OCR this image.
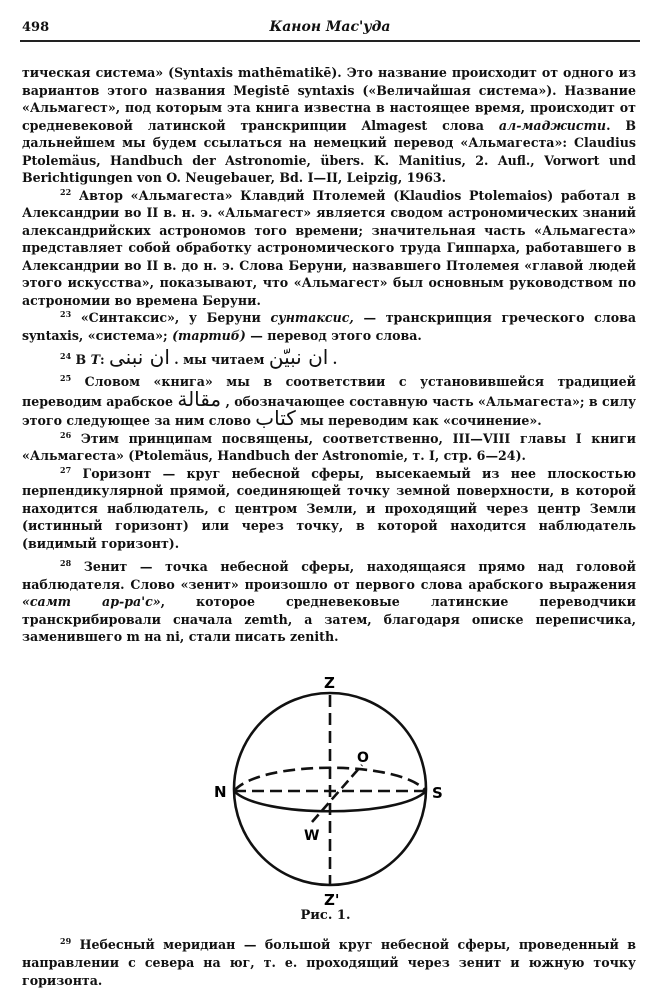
498	Канон Мас'уда

тическая система» (Syntaxis mathēmatikē). Это название происходит от одного из вариантов этого названия Megistē syntaxis («Величайшая система»). Название «Альмагест», под которым эта книга известна в настоящее время, происходит от средневековой латинской транскрипции Almagest слова ал-маджисти. В дальнейшем мы будем ссылаться на немецкий перевод «Альмагеста»: Claudius Ptolemäus, Handbuch der Astronomie, übers. K. Manitius, 2. Aufl., Vorwort und Berichtigungen von O. Neugebauer, Bd. I—II, Leipzig, 1963.

$^{22}$ Автор «Альмагеста» Клавдий Птолемей (Klaudios Ptolemaios) работал в Александрии во II в. н. э. «Альмагест» является сводом астрономических знаний александрийских астрономов того времени; значительная часть «Альмагеста» представляет собой обработку астрономического труда Гиппарха, работавшего в Александрии во II в. до н. э. Слова Беруни, назвавшего Птолемея «главой людей этого искусства», показывают, что «Альмагест» был основным руководством по астрономии во времена Беруни.

$^{23}$ «Синтаксис», у Беруни сунтаксис, — транскрипция греческого слова syntaxis, «система»; (тартиб) — перевод этого слова.

$^{24}$ В T: ان نبنى . мы читаем ان نبيّن .

$^{25}$ Словом «книга» мы в соответствии с установившейся традицией переводим арабское مقالة , обозначающее составную часть «Альмагеста»; в силу этого следующее за ним слово كتاب мы переводим как «сочинение».

$^{26}$ Этим принципам посвящены, соответственно, III—VIII главы I книги «Альмагеста» (Ptolemäus, Handbuch der Astronomie, т. I, стр. 6—24).

$^{27}$ Горизонт — круг небесной сферы, высекаемый из нее плоскостью перпендикулярной прямой, соединяющей точку земной поверхности, в которой находится наблюдатель, с центром Земли, и проходящий через центр Земли (истинный горизонт) или через точку, в которой находится наблюдатель (видимый горизонт).

$^{28}$ Зенит — точка небесной сферы, находящаяся прямо над головой наблюдателя. Слово «зенит» произошло от первого слова арабского выражения «самт ар-ра'с», которое средневековые латинские переводчики транскрибировали сначала zemth, а затем, благодаря описке переписчика, заменившего m на ni, стали писать zenith.

Z
Z'
N	S
W
O
Рис. 1.

$^{29}$ Небесный меридиан — большой круг небесной сферы, проведенный в направлении с севера на юг, т. е. проходящий через зенит и южную точку горизонта.
